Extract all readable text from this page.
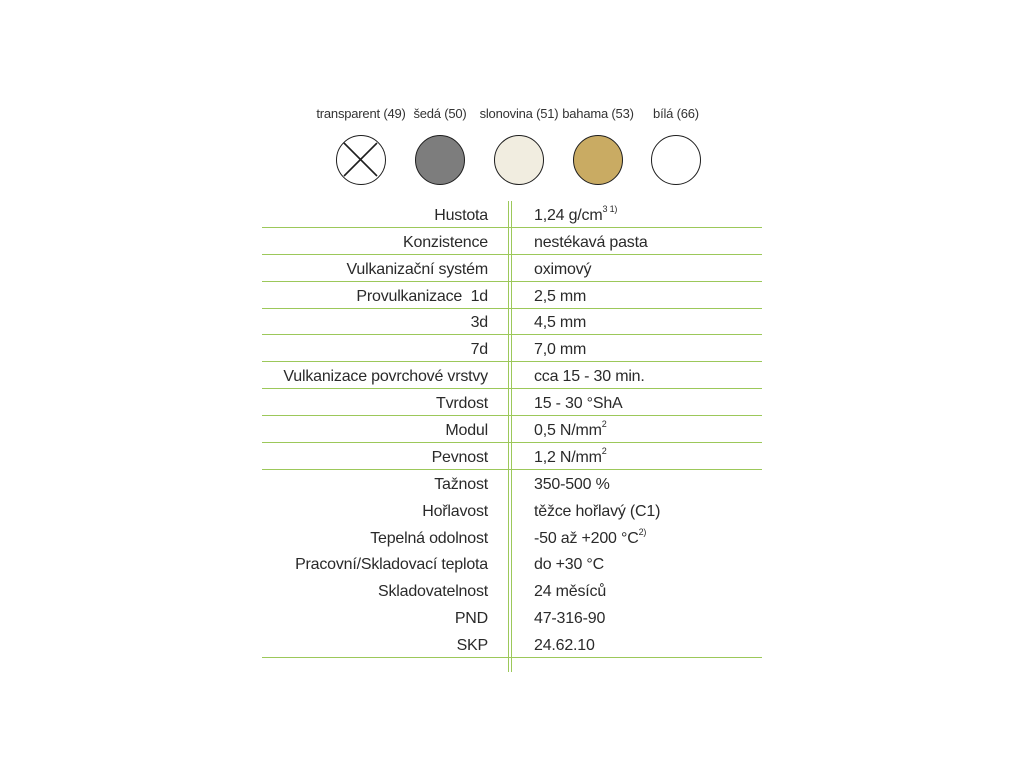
transparent (49) šedá (50)	slonovina (51) bahama (53)	bílá (66)
Hustota	1,24 $g/cm^{3 1)}$
Konzistence	nestékavá pasta
Vulkanizační systém	oximový
Provulkanizace  1d	2,5 mm
3d	4,5 mm
7d	7,0 mm
Vulkanizace povrchové vrstvy	cca 15 - 30 min.
Tvrdost	15 - 30 °ShA
Modul	0,5 $N/mm^2$
Pevnost	1,2 $N/mm^2$
Tažnost	350-500 %
Hořlavost	těžce hořlavý (C1)
Tepelná odolnost	-50 až +200 $^\circ C^{2)}$
Pracovní/Skladovací teplota	do +30 °C
Skladovatelnost	24 měsíců
PND	47-316-90
SKP	24.62.10
